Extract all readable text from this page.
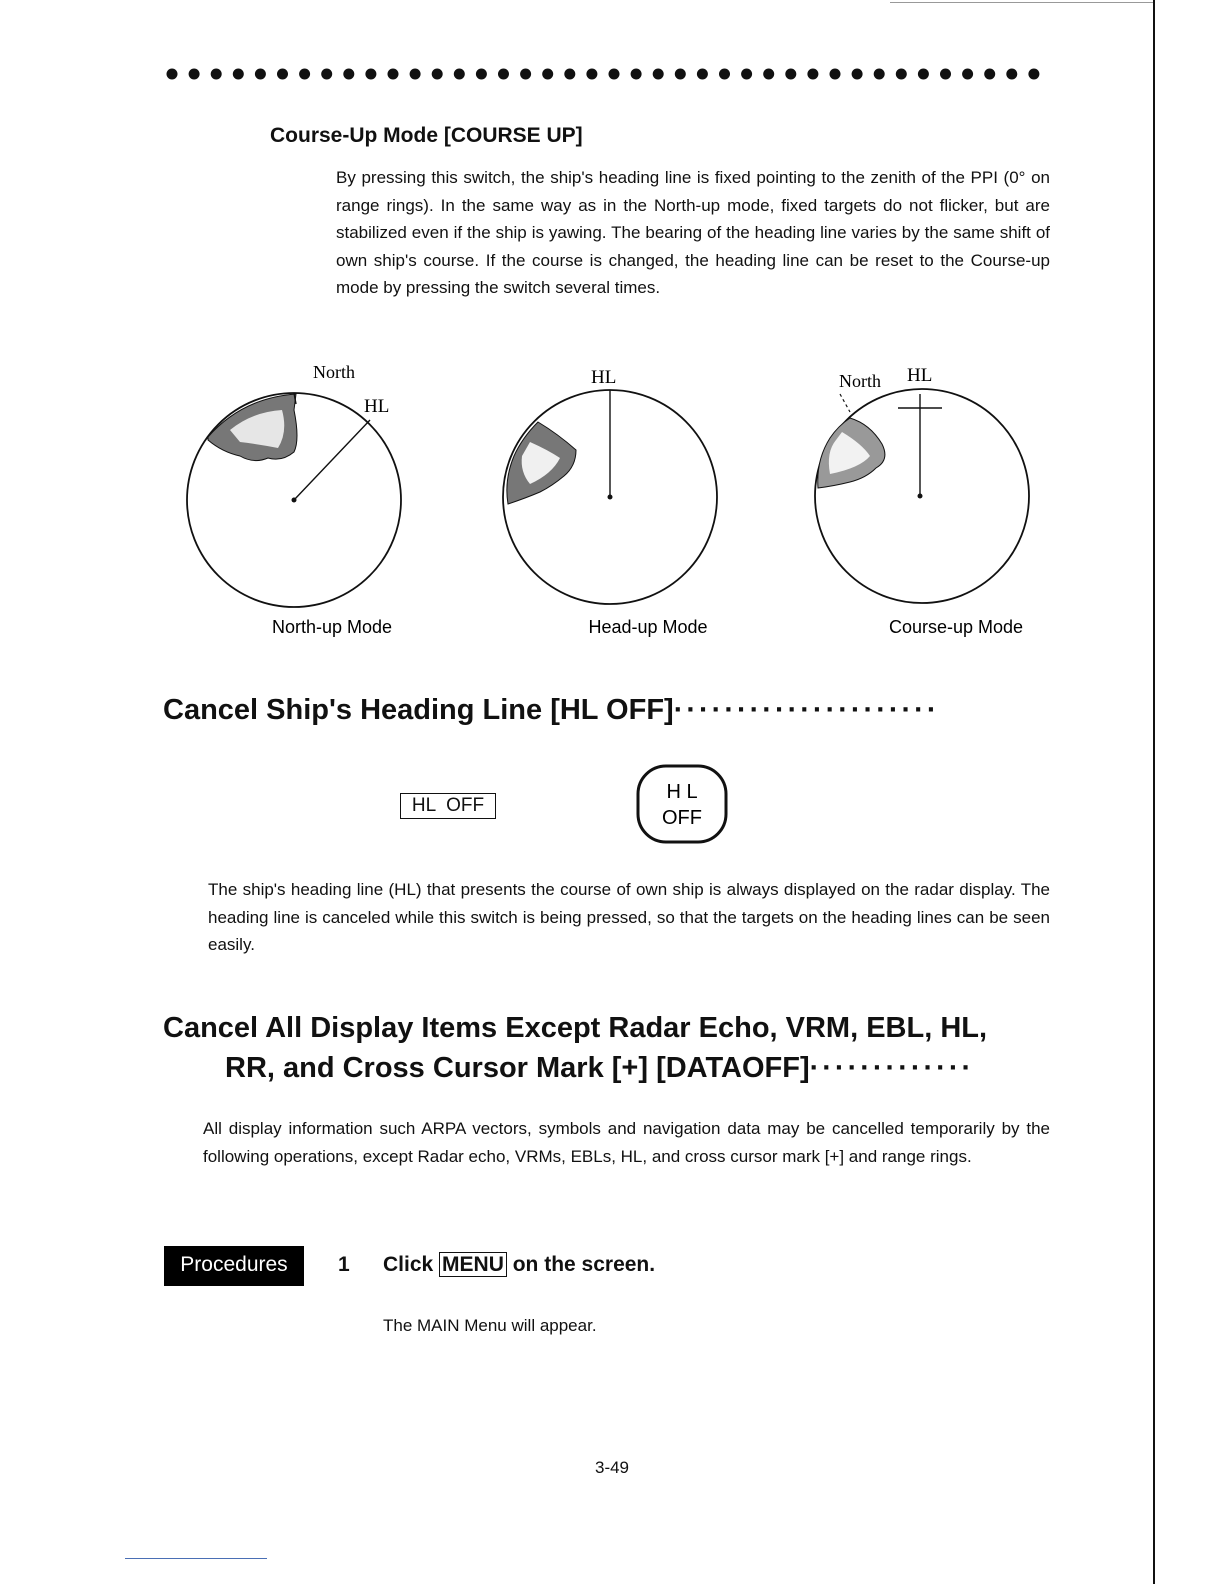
Course-Up Mode [COURSE UP]

By pressing this switch, the ship's heading line is fixed pointing to the zenith of the PPI (0° on range rings). In the same way as in the North-up mode, fixed targets do not flicker, but are stabilized even if the ship is yawing. The bearing of the heading line varies by the same shift of own ship's course. If the course is changed, the heading line can be reset to the Course-up mode by pressing the switch several times.

North
HL
HL	North HL
North-up Mode	Head-up Mode	Course-up Mode
Cancel Ship's Heading Line [HL OFF]·····················
HL  OFF
H L
OFF

The ship's heading line (HL) that presents the course of own ship is always displayed on the radar display. The heading line is canceled while this switch is being pressed, so that the targets on the heading lines can be seen easily.

Cancel All Display Items Except Radar Echo, VRM, EBL, HL,
RR, and Cross Cursor Mark [+] [DATAOFF]·············

All display information such ARPA vectors, symbols and navigation data may be cancelled temporarily by the following operations, except Radar echo, VRMs, EBLs, HL, and cross cursor mark [+] and range rings.

Procedures	1 Click MENU on the screen.
The MAIN Menu will appear.
3-49
